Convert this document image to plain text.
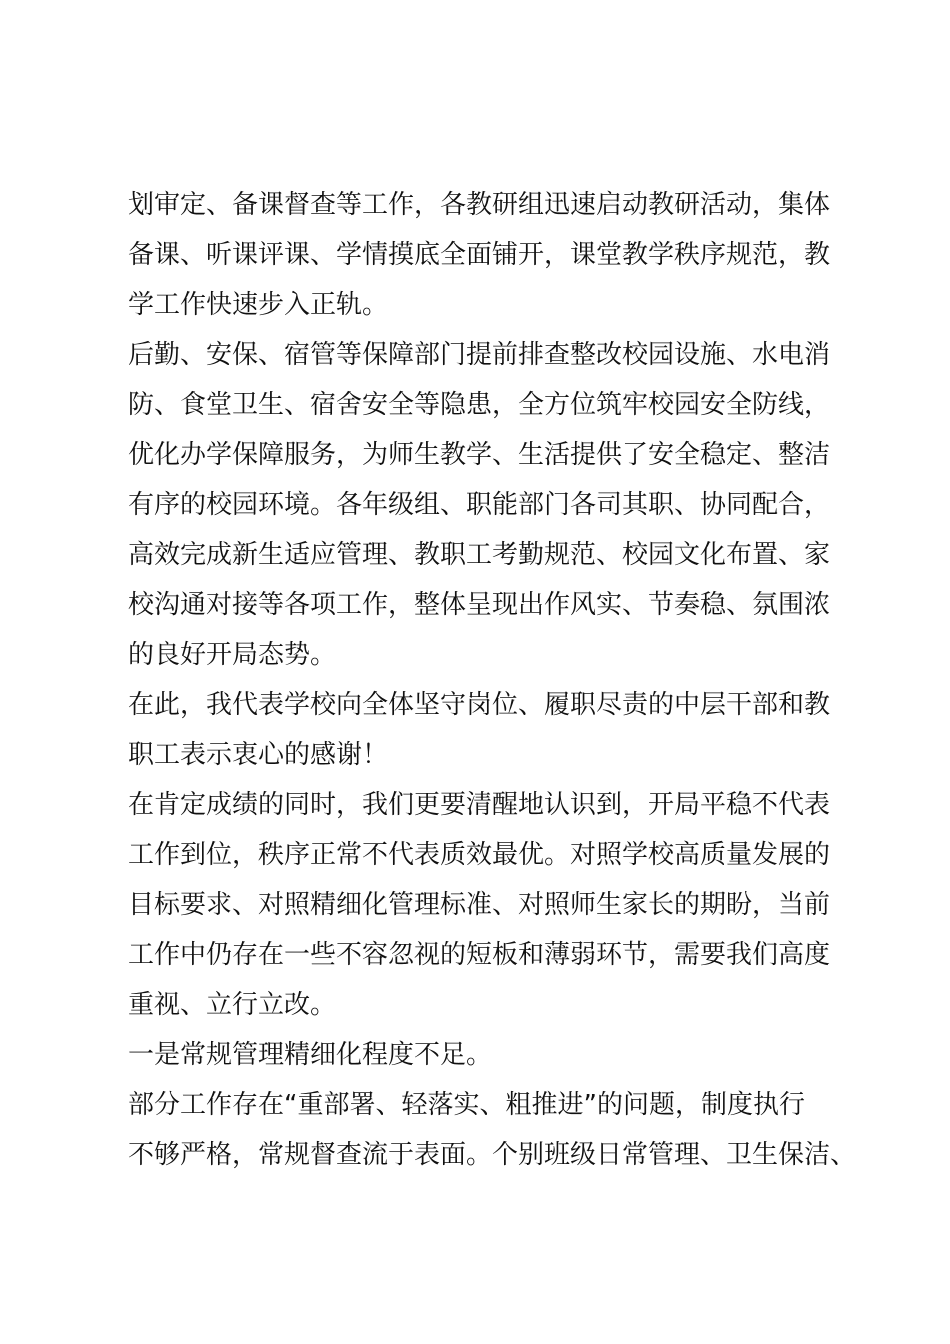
划审定、备课督查等工作，各教研组迅速启动教研活动，集体
备课、听课评课、学情摸底全面铺开，课堂教学秩序规范，教
学工作快速步入正轨。
后勤、安保、宿管等保障部门提前排查整改校园设施、水电消
防、食堂卫生、宿舍安全等隐患，全方位筑牢校园安全防线，
优化办学保障服务，为师生教学、生活提供了安全稳定、整洁
有序的校园环境。各年级组、职能部门各司其职、协同配合，
高效完成新生适应管理、教职工考勤规范、校园文化布置、家
校沟通对接等各项工作，整体呈现出作风实、节奏稳、氛围浓
的良好开局态势。
在此，我代表学校向全体坚守岗位、履职尽责的中层干部和教
职工表示衷心的感谢！
在肯定成绩的同时，我们更要清醒地认识到，开局平稳不代表
工作到位，秩序正常不代表质效最优。对照学校高质量发展的
目标要求、对照精细化管理标准、对照师生家长的期盼，当前
工作中仍存在一些不容忽视的短板和薄弱环节，需要我们高度
重视、立行立改。
一是常规管理精细化程度不足。
部分工作存在“重部署、轻落实、粗推进”的问题，制度执行
不够严格，常规督查流于表面。个别班级日常管理、卫生保洁、
